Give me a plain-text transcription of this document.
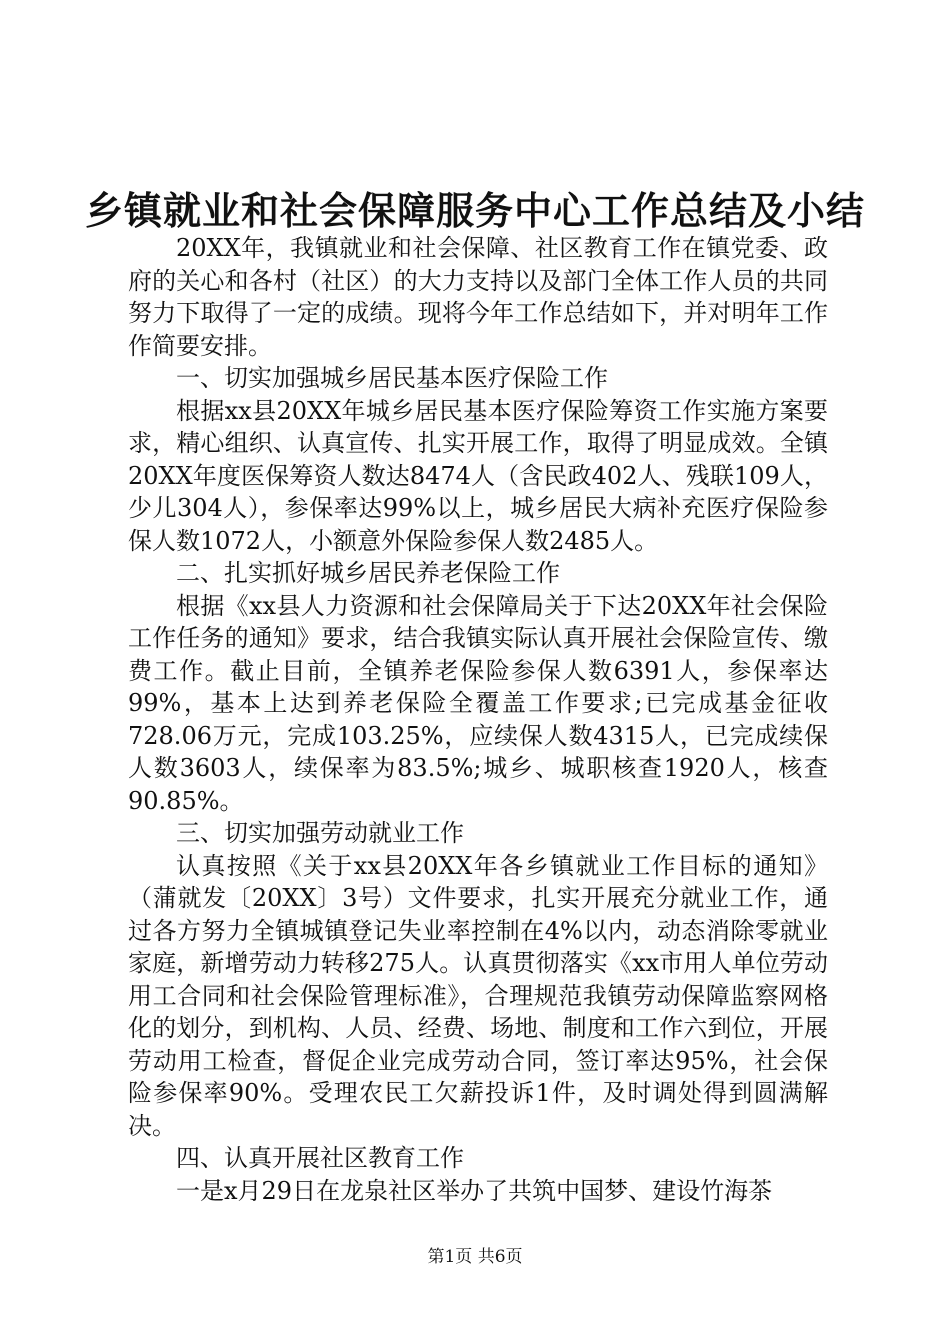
乡镇就业和社会保障服务中心工作总结及小结

20XX年，我镇就业和社会保障、社区教育工作在镇党委、政府的关心和各村（社区）的大力支持以及部门全体工作人员的共同努力下取得了一定的成绩。现将今年工作总结如下，并对明年工作作简要安排。

一、切实加强城乡居民基本医疗保险工作

根据xx县20XX年城乡居民基本医疗保险筹资工作实施方案要求，精心组织、认真宣传、扎实开展工作，取得了明显成效。全镇20XX年度医保筹资人数达8474人（含民政402人、残联109人，少儿304人），参保率达99%以上，城乡居民大病补充医疗保险参保人数1072人，小额意外保险参保人数2485人。

二、扎实抓好城乡居民养老保险工作

根据《xx县人力资源和社会保障局关于下达20XX年社会保险工作任务的通知》要求，结合我镇实际认真开展社会保险宣传、缴费工作。截止目前，全镇养老保险参保人数6391人，参保率达99%，基本上达到养老保险全覆盖工作要求;已完成基金征收728.06万元，完成103.25%，应续保人数4315人，已完成续保人数3603人，续保率为83.5%;城乡、城职核查1920人，核查90.85%。

三、切实加强劳动就业工作

认真按照《关于xx县20XX年各乡镇就业工作目标的通知》（蒲就发〔20XX〕3号）文件要求，扎实开展充分就业工作，通过各方努力全镇城镇登记失业率控制在4%以内，动态消除零就业家庭，新增劳动力转移275人。认真贯彻落实《xx市用人单位劳动用工合同和社会保险管理标准》，合理规范我镇劳动保障监察网格化的划分，到机构、人员、经费、场地、制度和工作六到位，开展劳动用工检查，督促企业完成劳动合同，签订率达95%，社会保险参保率90%。受理农民工欠薪投诉1件，及时调处得到圆满解决。

四、认真开展社区教育工作

一是x月29日在龙泉社区举办了共筑中国梦、建设竹海茶

第1页 共6页
